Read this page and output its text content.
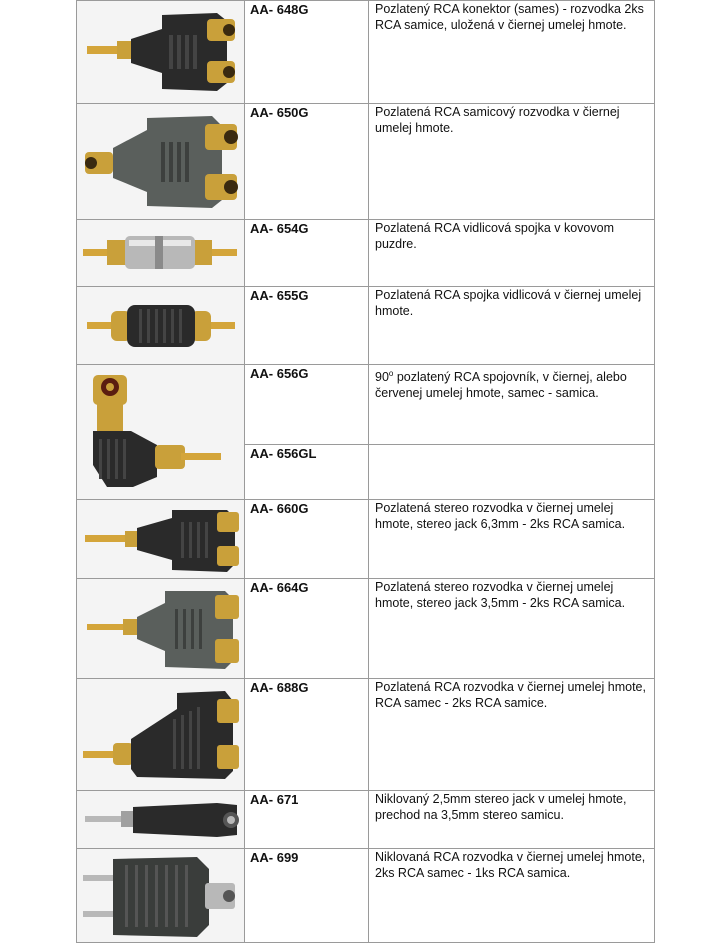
	AA- 648G	Pozlatený RCA konektor (sames) - rozvodka 2ks RCA samice, uložená v čiernej umelej hmote.

	AA- 650G	Pozlatená RCA samicový rozvodka v čiernej umelej hmote.

	AA- 654G	Pozlatená RCA vidlicová spojka v kovovom puzdre.

	AA- 655G	Pozlatená RCA spojka vidlicová v čiernej umelej hmote.

	AA- 656G	90$^o$ pozlatený RCA spojovník, v čiernej, alebo červenej umelej hmote, samec - samica.
	AA- 656GL	

	AA- 660G	Pozlatená stereo rozvodka v čiernej umelej hmote, stereo jack 6,3mm - 2ks RCA samica.

	AA- 664G	Pozlatená stereo rozvodka v čiernej umelej hmote, stereo jack 3,5mm - 2ks RCA samica.

	AA- 688G	Pozlatená RCA rozvodka v čiernej umelej hmote, RCA samec - 2ks RCA samice.

	AA- 671	Niklovaný 2,5mm stereo jack v umelej hmote, prechod na 3,5mm stereo samicu.

	AA- 699	Niklovaná RCA rozvodka v čiernej umelej hmote, 2ks RCA samec - 1ks RCA samica.
